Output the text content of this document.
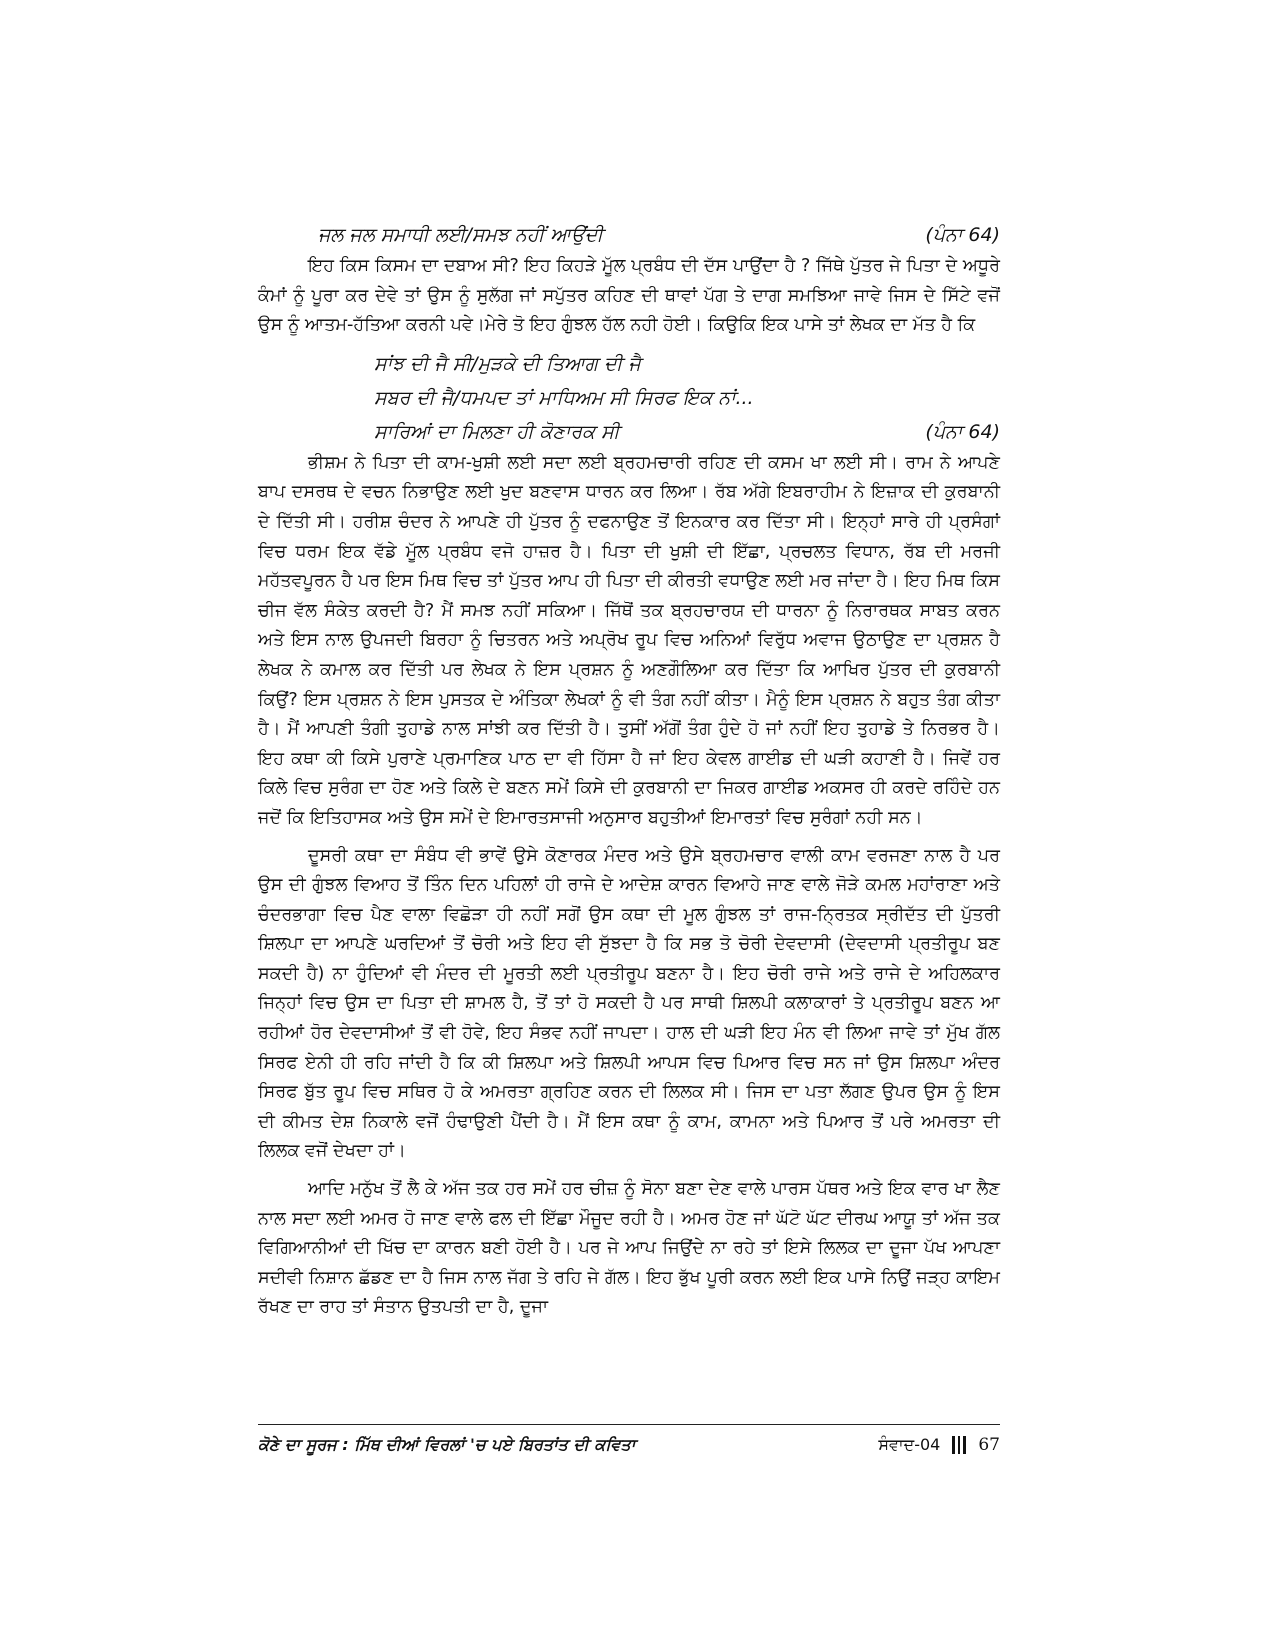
ਜਲ ਜਲ ਸਮਾਧੀ ਲਈ/ਸਮਝ ਨਹੀਂ ਆਉਂਦੀ	(ਪੰਨਾ 64)

ਇਹ ਕਿਸ ਕਿਸਮ ਦਾ ਦਬਾਅ ਸੀ? ਇਹ ਕਿਹੜੇ ਮੂੱਲ ਪ੍ਰਬੰਧ ਦੀ ਦੱਸ ਪਾਉਂਦਾ ਹੈ ? ਜਿੱਥੇ ਪੁੱਤਰ ਜੇ ਪਿਤਾ ਦੇ ਅਧੂਰੇ ਕੰਮਾਂ ਨੂੰ ਪੂਰਾ ਕਰ ਦੇਵੇ ਤਾਂ ਉਸ ਨੂੰ ਸੁਲੱਗ ਜਾਂ ਸਪੁੱਤਰ ਕਹਿਣ ਦੀ ਥਾਵਾਂ ਪੱਗ ਤੇ ਦਾਗ ਸਮਝਿਆ ਜਾਵੇ ਜਿਸ ਦੇ ਸਿੱਟੇ ਵਜੋਂ ਉਸ ਨੂੰ ਆਤਮ-ਹੱਤਿਆ ਕਰਨੀ ਪਵੇ।ਮੇਰੇ ਤੋ ਇਹ ਗੁੰਝਲ ਹੱਲ ਨਹੀ ਹੋਈ। ਕਿਉਕਿ ਇਕ ਪਾਸੇ ਤਾਂ ਲੇਖਕ ਦਾ ਮੱਤ ਹੈ ਕਿ

ਸਾਂਝ ਦੀ ਜੈ ਸੀ/ਮੁੜਕੇ ਦੀ ਤਿਆਗ ਦੀ ਜੈ
ਸਬਰ ਦੀ ਜੈ/ਧਮਪਦ ਤਾਂ ਮਾਧਿਅਮ ਸੀ ਸਿਰਫ ਇਕ ਨਾਂ...
ਸਾਰਿਆਂ ਦਾ ਮਿਲਣਾ ਹੀ ਕੋਣਾਰਕ ਸੀ	(ਪੰਨਾ 64)

ਭੀਸ਼ਮ ਨੇ ਪਿਤਾ ਦੀ ਕਾਮ-ਖੁਸ਼ੀ ਲਈ ਸਦਾ ਲਈ ਬ੍ਰਹਮਚਾਰੀ ਰਹਿਣ ਦੀ ਕਸਮ ਖਾ ਲਈ ਸੀ। ਰਾਮ ਨੇ ਆਪਣੇ ਬਾਪ ਦਸਰਥ ਦੇ ਵਚਨ ਨਿਭਾਉਣ ਲਈ ਖੁਦ ਬਣਵਾਸ ਧਾਰਨ ਕਰ ਲਿਆ। ਰੱਬ ਅੱਗੇ ਇਬਰਾਹੀਮ ਨੇ ਇਜ਼ਾਕ ਦੀ ਕੁਰਬਾਨੀ ਦੇ ਦਿੱਤੀ ਸੀ। ਹਰੀਸ਼ ਚੰਦਰ ਨੇ ਆਪਣੇ ਹੀ ਪੁੱਤਰ ਨੂੰ ਦਫਨਾਉਣ ਤੋਂ ਇਨਕਾਰ ਕਰ ਦਿੱਤਾ ਸੀ। ਇਨ੍ਹਾਂ ਸਾਰੇ ਹੀ ਪ੍ਰਸੰਗਾਂ ਵਿਚ ਧਰਮ ਇਕ ਵੱਡੇ ਮੂੱਲ ਪ੍ਰਬੰਧ ਵਜੋ ਹਾਜ਼ਰ ਹੈ। ਪਿਤਾ ਦੀ ਖੁਸ਼ੀ ਦੀ ਇੱਛਾ, ਪ੍ਰਚਲਤ ਵਿਧਾਨ, ਰੱਬ ਦੀ ਮਰਜੀ ਮਹੱਤਵਪੂਰਨ ਹੈ ਪਰ ਇਸ ਮਿਥ ਵਿਚ ਤਾਂ ਪੁੱਤਰ ਆਪ ਹੀ ਪਿਤਾ ਦੀ ਕੀਰਤੀ ਵਧਾਉਣ ਲਈ ਮਰ ਜਾਂਦਾ ਹੈ। ਇਹ ਮਿਥ ਕਿਸ ਚੀਜ ਵੱਲ ਸੰਕੇਤ ਕਰਦੀ ਹੈ? ਮੈਂ ਸਮਝ ਨਹੀਂ ਸਕਿਆ। ਜਿੱਥੋਂ ਤਕ ਬ੍ਰਹਚਾਰਯ ਦੀ ਧਾਰਨਾ ਨੂੰ ਨਿਰਾਰਥਕ ਸਾਬਤ ਕਰਨ ਅਤੇ ਇਸ ਨਾਲ ਉਪਜਦੀ ਬਿਰਹਾ ਨੂੰ ਚਿਤਰਨ ਅਤੇ ਅਪ੍ਰੋਖ ਰੂਪ ਵਿਚ ਅਨਿਆਂ ਵਿਰੁੱਧ ਅਵਾਜ ਉਠਾਉਣ ਦਾ ਪ੍ਰਸ਼ਨ ਹੈ ਲੇਖਕ ਨੇ ਕਮਾਲ ਕਰ ਦਿੱਤੀ ਪਰ ਲੇਖਕ ਨੇ ਇਸ ਪ੍ਰਸ਼ਨ ਨੂੰ ਅਣਗੌਲਿਆ ਕਰ ਦਿੱਤਾ ਕਿ ਆਖਿਰ ਪੁੱਤਰ ਦੀ ਕੁਰਬਾਨੀ ਕਿਉਂ? ਇਸ ਪ੍ਰਸ਼ਨ ਨੇ ਇਸ ਪੁਸਤਕ ਦੇ ਅੰਤਿਕਾ ਲੇਖਕਾਂ ਨੂੰ ਵੀ ਤੰਗ ਨਹੀਂ ਕੀਤਾ। ਮੈਨੂੰ ਇਸ ਪ੍ਰਸ਼ਨ ਨੇ ਬਹੁਤ ਤੰਗ ਕੀਤਾ ਹੈ। ਮੈਂ ਆਪਣੀ ਤੰਗੀ ਤੁਹਾਡੇ ਨਾਲ ਸਾਂਝੀ ਕਰ ਦਿੱਤੀ ਹੈ। ਤੁਸੀਂ ਅੱਗੋਂ ਤੰਗ ਹੁੰਦੇ ਹੋ ਜਾਂ ਨਹੀਂ ਇਹ ਤੁਹਾਡੇ ਤੇ ਨਿਰਭਰ ਹੈ। ਇਹ ਕਥਾ ਕੀ ਕਿਸੇ ਪੁਰਾਣੇ ਪ੍ਰਮਾਣਿਕ ਪਾਠ ਦਾ ਵੀ ਹਿੱਸਾ ਹੈ ਜਾਂ ਇਹ ਕੇਵਲ ਗਾਈਡ ਦੀ ਘੜੀ ਕਹਾਣੀ ਹੈ। ਜਿਵੇਂ ਹਰ ਕਿਲੇ ਵਿਚ ਸੁਰੰਗ ਦਾ ਹੋਣ ਅਤੇ ਕਿਲੇ ਦੇ ਬਣਨ ਸਮੇਂ ਕਿਸੇ ਦੀ ਕੁਰਬਾਨੀ ਦਾ ਜਿਕਰ ਗਾਈਡ ਅਕਸਰ ਹੀ ਕਰਦੇ ਰਹਿੰਦੇ ਹਨ ਜਦੋਂ ਕਿ ਇਤਿਹਾਸਕ ਅਤੇ ਉਸ ਸਮੇਂ ਦੇ ਇਮਾਰਤਸਾਜੀ ਅਨੁਸਾਰ ਬਹੁਤੀਆਂ ਇਮਾਰਤਾਂ ਵਿਚ ਸੁਰੰਗਾਂ ਨਹੀ ਸਨ।

ਦੂਸਰੀ ਕਥਾ ਦਾ ਸੰਬੰਧ ਵੀ ਭਾਵੇਂ ਉਸੇ ਕੋਣਾਰਕ ਮੰਦਰ ਅਤੇ ਉਸੇ ਬ੍ਰਹਮਚਾਰ ਵਾਲੀ ਕਾਮ ਵਰਜਣਾ ਨਾਲ ਹੈ ਪਰ ਉਸ ਦੀ ਗੁੰਝਲ ਵਿਆਹ ਤੋਂ ਤਿੰਨ ਦਿਨ ਪਹਿਲਾਂ ਹੀ ਰਾਜੇ ਦੇ ਆਦੇਸ਼ ਕਾਰਨ ਵਿਆਹੇ ਜਾਣ ਵਾਲੇ ਜੋੜੇ ਕਮਲ ਮਹਾਂਰਾਣਾ ਅਤੇ ਚੰਦਰਭਾਗਾ ਵਿਚ ਪੈਣ ਵਾਲਾ ਵਿਛੋੜਾ ਹੀ ਨਹੀਂ ਸਗੋਂ ਉਸ ਕਥਾ ਦੀ ਮੂਲ ਗੁੰਝਲ ਤਾਂ ਰਾਜ-ਨ੍ਰਿਤਕ ਸ੍ਰੀਦੱਤ ਦੀ ਪੁੱਤਰੀ ਸ਼ਿਲਪਾ ਦਾ ਆਪਣੇ ਘਰਦਿਆਂ ਤੋਂ ਚੋਰੀ ਅਤੇ ਇਹ ਵੀ ਸੁੱਝਦਾ ਹੈ ਕਿ ਸਭ ਤੋ ਚੋਰੀ ਦੇਵਦਾਸੀ (ਦੇਵਦਾਸੀ ਪ੍ਰਤੀਰੂਪ ਬਣ ਸਕਦੀ ਹੈ) ਨਾ ਹੁੰਦਿਆਂ ਵੀ ਮੰਦਰ ਦੀ ਮੂਰਤੀ ਲਈ ਪ੍ਰਤੀਰੂਪ ਬਣਨਾ ਹੈ। ਇਹ ਚੋਰੀ ਰਾਜੇ ਅਤੇ ਰਾਜੇ ਦੇ ਅਹਿਲਕਾਰ ਜਿਨ੍ਹਾਂ ਵਿਚ ਉਸ ਦਾ ਪਿਤਾ ਦੀ ਸ਼ਾਮਲ ਹੈ, ਤੋਂ ਤਾਂ ਹੋ ਸਕਦੀ ਹੈ ਪਰ ਸਾਥੀ ਸ਼ਿਲਪੀ ਕਲਾਕਾਰਾਂ ਤੇ ਪ੍ਰਤੀਰੂਪ ਬਣਨ ਆ ਰਹੀਆਂ ਹੋਰ ਦੇਵਦਾਸੀਆਂ ਤੋਂ ਵੀ ਹੋਵੇ, ਇਹ ਸੰਭਵ ਨਹੀਂ ਜਾਪਦਾ। ਹਾਲ ਦੀ ਘੜੀ ਇਹ ਮੰਨ ਵੀ ਲਿਆ ਜਾਵੇ ਤਾਂ ਮੁੱਖ ਗੱਲ ਸਿਰਫ ਏਨੀ ਹੀ ਰਹਿ ਜਾਂਦੀ ਹੈ ਕਿ ਕੀ ਸ਼ਿਲਪਾ ਅਤੇ ਸ਼ਿਲਪੀ ਆਪਸ ਵਿਚ ਪਿਆਰ ਵਿਚ ਸਨ ਜਾਂ ਉਸ ਸ਼ਿਲਪਾ ਅੰਦਰ ਸਿਰਫ ਬੁੱਤ ਰੂਪ ਵਿਚ ਸਥਿਰ ਹੋ ਕੇ ਅਮਰਤਾ ਗ੍ਰਹਿਣ ਕਰਨ ਦੀ ਲਿਲਕ ਸੀ। ਜਿਸ ਦਾ ਪਤਾ ਲੱਗਣ ਉਪਰ ਉਸ ਨੂੰ ਇਸ ਦੀ ਕੀਮਤ ਦੇਸ਼ ਨਿਕਾਲੇ ਵਜੋਂ ਹੰਢਾਉਣੀ ਪੈਂਦੀ ਹੈ। ਮੈਂ ਇਸ ਕਥਾ ਨੂੰ ਕਾਮ, ਕਾਮਨਾ ਅਤੇ ਪਿਆਰ ਤੋਂ ਪਰੇ ਅਮਰਤਾ ਦੀ ਲਿਲਕ ਵਜੋਂ ਦੇਖਦਾ ਹਾਂ।

ਆਦਿ ਮਨੁੱਖ ਤੋਂ ਲੈ ਕੇ ਅੱਜ ਤਕ ਹਰ ਸਮੇਂ ਹਰ ਚੀਜ਼ ਨੂੰ ਸੋਨਾ ਬਣਾ ਦੇਣ ਵਾਲੇ ਪਾਰਸ ਪੱਥਰ ਅਤੇ ਇਕ ਵਾਰ ਖਾ ਲੈਣ ਨਾਲ ਸਦਾ ਲਈ ਅਮਰ ਹੋ ਜਾਣ ਵਾਲੇ ਫਲ ਦੀ ਇੱਛਾ ਮੌਜੂਦ ਰਹੀ ਹੈ। ਅਮਰ ਹੋਣ ਜਾਂ ਘੱਟੋ ਘੱਟ ਦੀਰਘ ਆਯੂ ਤਾਂ ਅੱਜ ਤਕ ਵਿਗਿਆਨੀਆਂ ਦੀ ਖਿੱਚ ਦਾ ਕਾਰਨ ਬਣੀ ਹੋਈ ਹੈ। ਪਰ ਜੇ ਆਪ ਜਿਉਂਦੇ ਨਾ ਰਹੇ ਤਾਂ ਇਸੇ ਲਿਲਕ ਦਾ ਦੂਜਾ ਪੱਖ ਆਪਣਾ ਸਦੀਵੀ ਨਿਸ਼ਾਨ ਛੱਡਣ ਦਾ ਹੈ ਜਿਸ ਨਾਲ ਜੱਗ ਤੇ ਰਹਿ ਜੇ ਗੱਲ। ਇਹ ਭੁੱਖ ਪੂਰੀ ਕਰਨ ਲਈ ਇਕ ਪਾਸੇ ਨਿਉਂ ਜੜ੍ਹ ਕਾਇਮ ਰੱਖਣ ਦਾ ਰਾਹ ਤਾਂ ਸੰਤਾਨ ਉਤਪਤੀ ਦਾ ਹੈ, ਦੂਜਾ

ਕੋਣੇ ਦਾ ਸੂਰਜ : ਮਿੱਥ ਦੀਆਂ ਵਿਰਲਾਂ 'ਚ ਪਏ ਬਿਰਤਾਂਤ ਦੀ ਕਵਿਤਾ	ਸੰਵਾਦ-04 67
